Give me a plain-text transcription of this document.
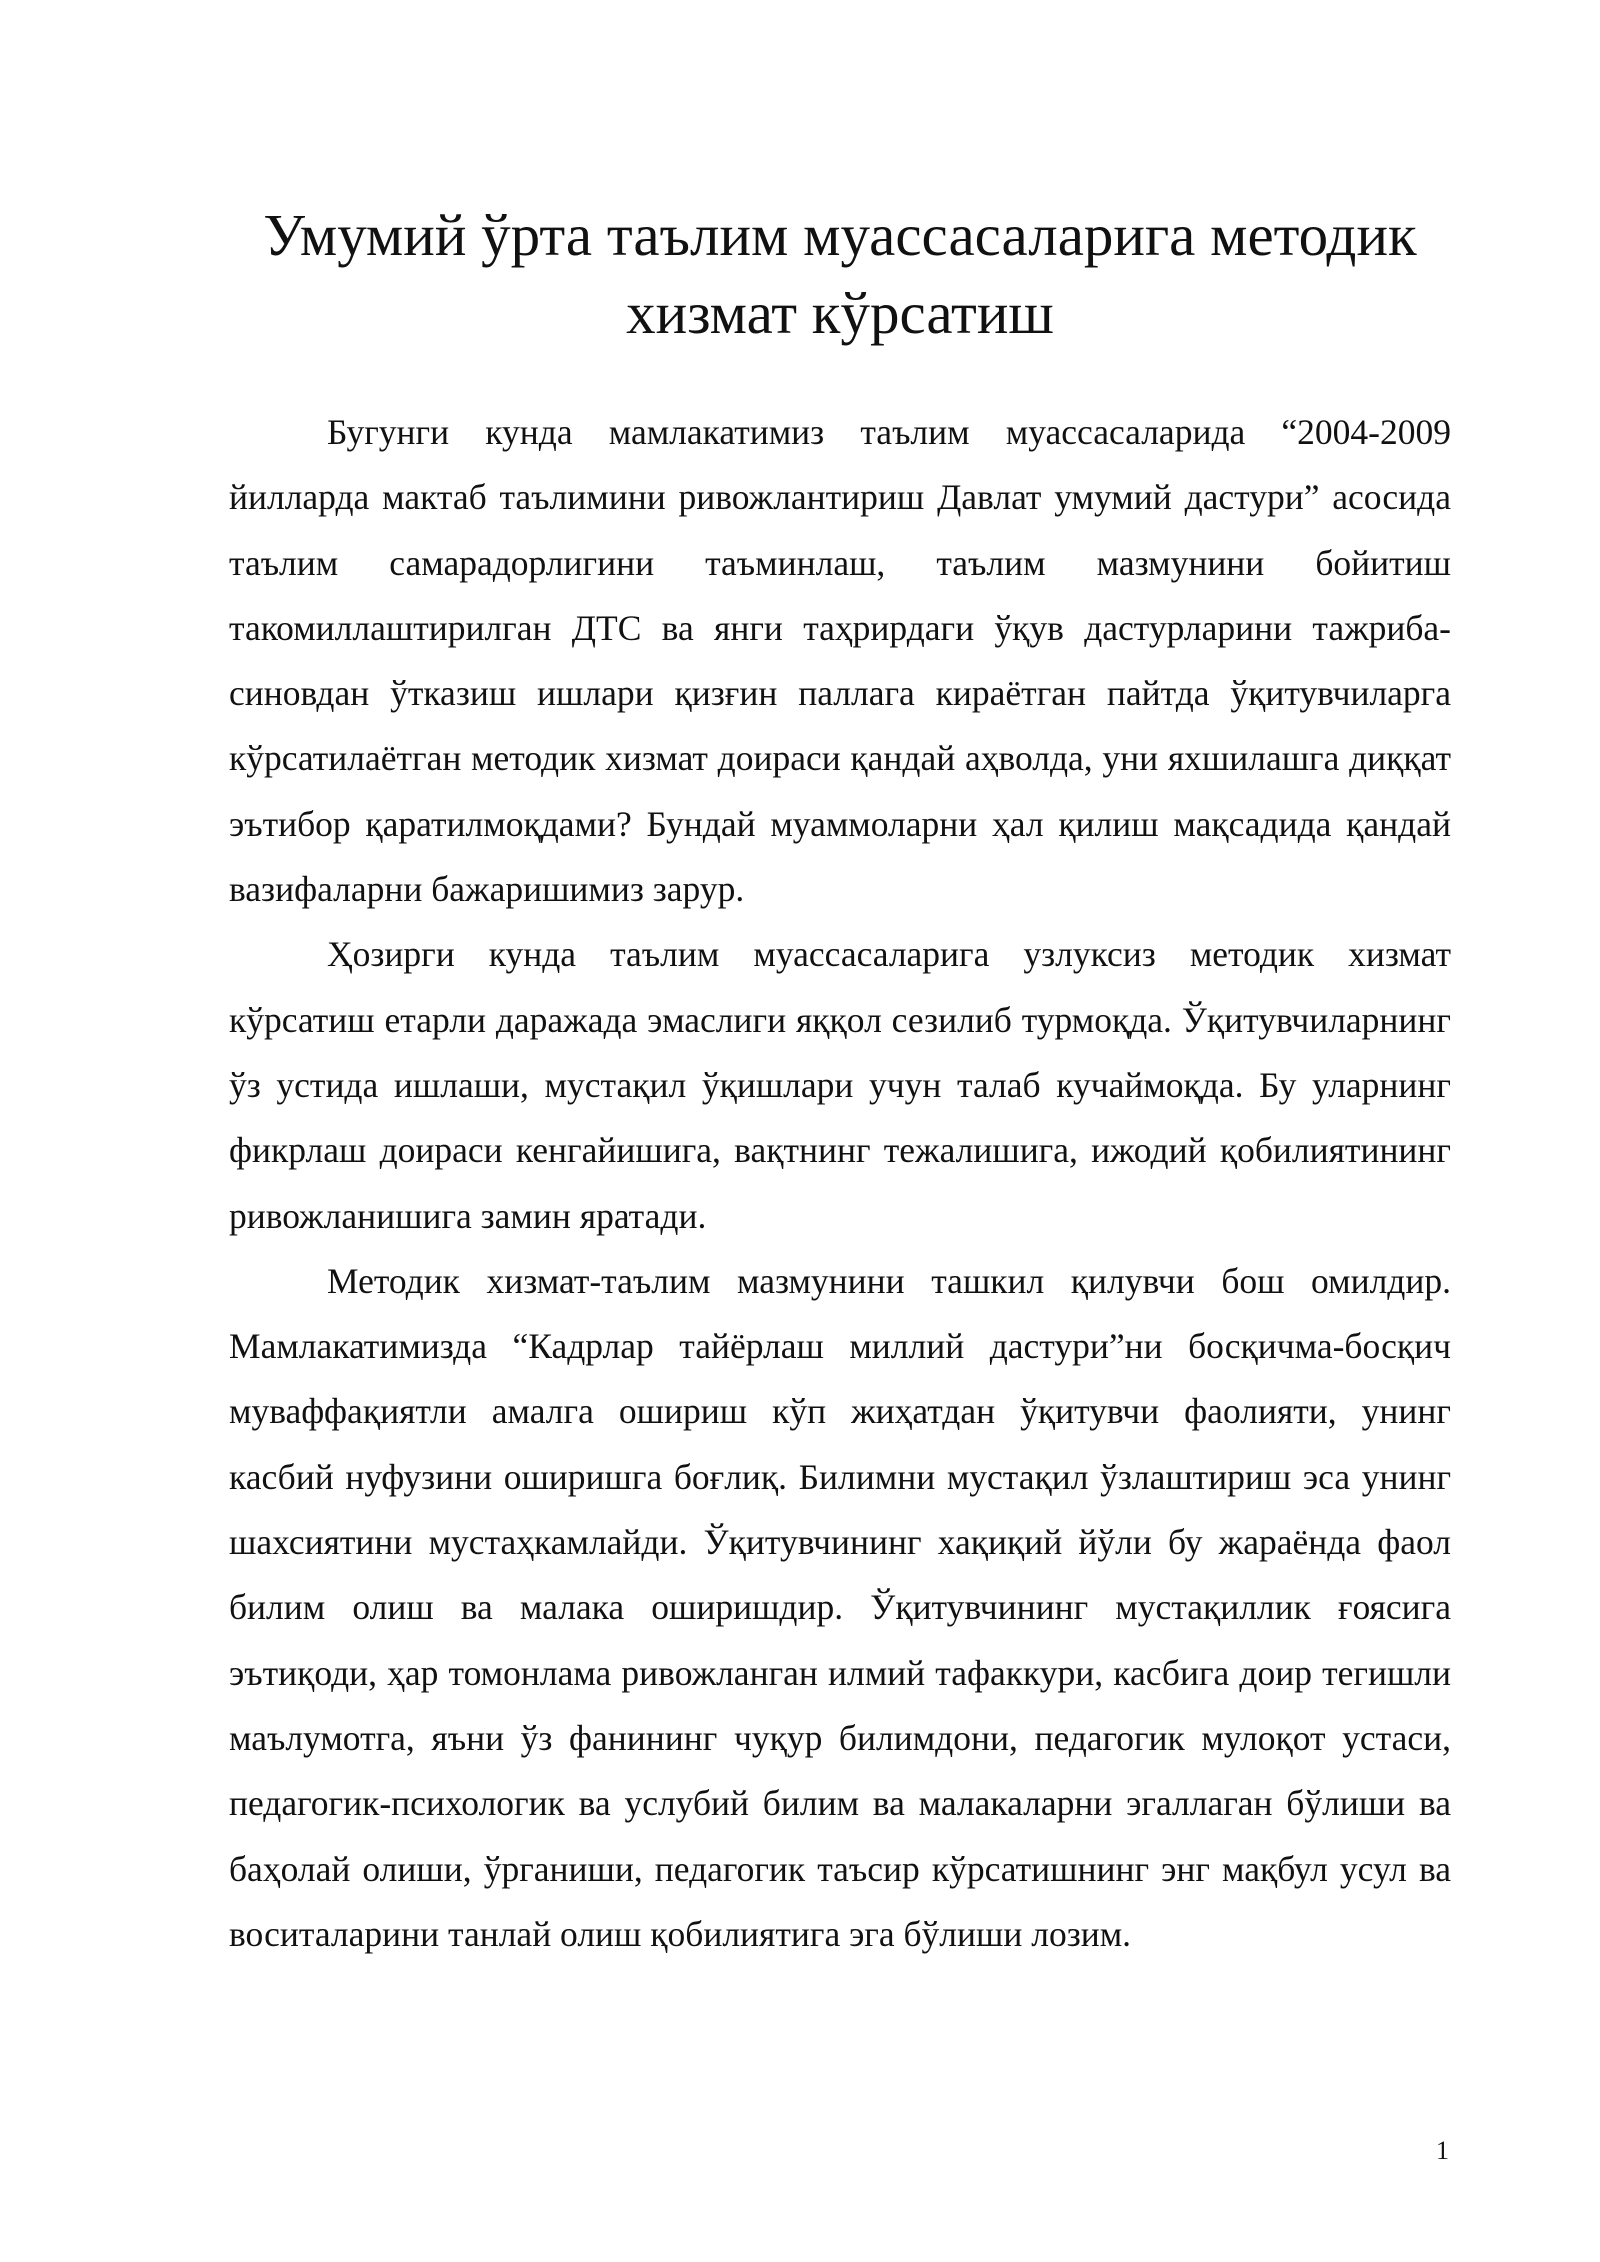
Умумий ўрта таълим муассасаларига методик хизмат кўрсатиш

Бугунги кунда мамлакатимиз таълим муассасаларида “2004-2009 йилларда мактаб таълимини ривожлантириш Давлат умумий дастури” асосида таълим самарадорлигини таъминлаш, таълим мазмунини бойитиш такомиллаштирилган ДТС ва янги таҳрирдаги ўқув дастурларини тажриба-синовдан ўтказиш ишлари қизғин паллага кираётган пайтда ўқитувчиларга кўрсатилаётган методик хизмат доираси қандай аҳволда, уни яхшилашга диққат эътибор қаратилмоқдами? Бундай муаммоларни ҳал қилиш мақсадида қандай вазифаларни бажаришимиз зарур.

Ҳозирги кунда таълим муассасаларига узлуксиз методик хизмат кўрсатиш етарли даражада эмаслиги яққол сезилиб турмоқда. Ўқитувчиларнинг ўз устида ишлаши, мустақил ўқишлари учун талаб кучаймоқда. Бу уларнинг фикрлаш доираси кенгайишига, вақтнинг тежалишига, ижодий қобилиятининг ривожланишига замин яратади.

Методик хизмат-таълим мазмунини ташкил қилувчи бош омилдир. Мамлакатимизда “Кадрлар тайёрлаш миллий дастури”ни босқичма-босқич муваффақиятли амалга ошириш кўп жиҳатдан ўқитувчи фаолияти, унинг касбий нуфузини оширишга боғлиқ. Билимни мустақил ўзлаштириш эса унинг шахсиятини мустаҳкамлайди. Ўқитувчининг хақиқий йўли бу жараёнда фаол билим олиш ва малака оширишдир. Ўқитувчининг мустақиллик ғоясига эътиқоди, ҳар томонлама ривожланган илмий тафаккури, касбига доир тегишли маълумотга, яъни ўз фанининг чуқур билимдони, педагогик мулоқот устаси, педагогик-психологик ва услубий билим ва малакаларни эгаллаган бўлиши ва баҳолай олиши, ўрганиши, педагогик таъсир кўрсатишнинг энг мақбул усул ва воситаларини танлай олиш қобилиятига эга бўлиши лозим.

1
